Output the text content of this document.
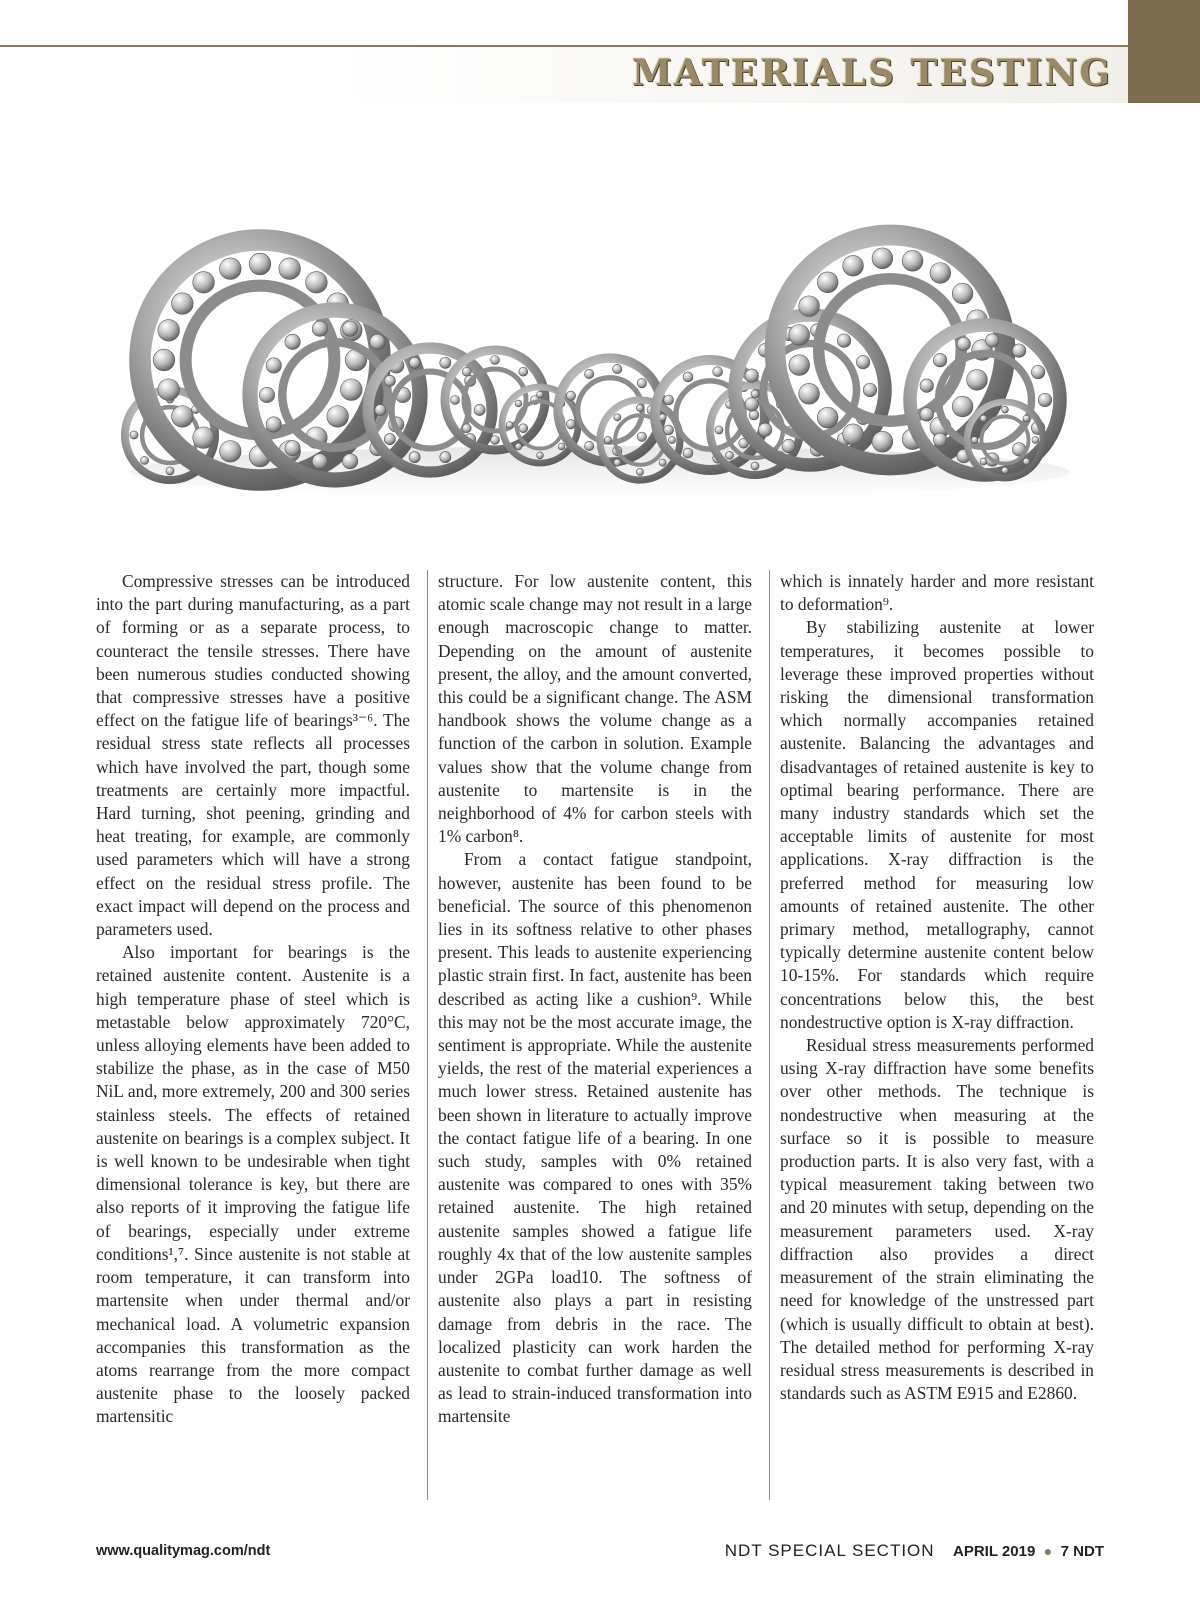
MATERIALS TESTING

Compressive stresses can be introduced into the part during manufacturing, as a part of forming or as a separate process, to counteract the tensile stresses. There have been numerous studies conducted showing that compressive stresses have a positive effect on the fatigue life of bearings³⁻⁶. The residual stress state reflects all processes which have involved the part, though some treatments are certainly more impactful. Hard turning, shot peening, grinding and heat treating, for example, are commonly used parameters which will have a strong effect on the residual stress profile. The exact impact will depend on the process and parameters used.

Also important for bearings is the retained austenite content. Austenite is a high temperature phase of steel which is metastable below approximately 720°C, unless alloying elements have been added to stabilize the phase, as in the case of M50 NiL and, more extremely, 200 and 300 series stainless steels. The effects of retained austenite on bearings is a complex subject. It is well known to be undesirable when tight dimensional tolerance is key, but there are also reports of it improving the fatigue life of bearings, especially under extreme conditions¹,⁷. Since austenite is not stable at room temperature, it can transform into martensite when under thermal and/or mechanical load. A volumetric expansion accompanies this transformation as the atoms rearrange from the more compact austenite phase to the loosely packed martensitic

structure. For low austenite content, this atomic scale change may not result in a large enough macroscopic change to matter. Depending on the amount of austenite present, the alloy, and the amount converted, this could be a significant change. The ASM handbook shows the volume change as a function of the carbon in solution. Example values show that the volume change from austenite to martensite is in the neighborhood of 4% for carbon steels with 1% carbon⁸.

From a contact fatigue standpoint, however, austenite has been found to be beneficial. The source of this phenomenon lies in its softness relative to other phases present. This leads to austenite experiencing plastic strain first. In fact, austenite has been described as acting like a cushion⁹. While this may not be the most accurate image, the sentiment is appropriate. While the austenite yields, the rest of the material experiences a much lower stress. Retained austenite has been shown in literature to actually improve the contact fatigue life of a bearing. In one such study, samples with 0% retained austenite was compared to ones with 35% retained austenite. The high retained austenite samples showed a fatigue life roughly 4x that of the low austenite samples under 2GPa load10. The softness of austenite also plays a part in resisting damage from debris in the race. The localized plasticity can work harden the austenite to combat further damage as well as lead to strain-induced transformation into martensite

which is innately harder and more resistant to deformation⁹.

By stabilizing austenite at lower temperatures, it becomes possible to leverage these improved properties without risking the dimensional transformation which normally accompanies retained austenite. Balancing the advantages and disadvantages of retained austenite is key to optimal bearing performance. There are many industry standards which set the acceptable limits of austenite for most applications. X-ray diffraction is the preferred method for measuring low amounts of retained austenite. The other primary method, metallography, cannot typically determine austenite content below 10-15%. For standards which require concentrations below this, the best nondestructive option is X-ray diffraction.

Residual stress measurements performed using X-ray diffraction have some benefits over other methods. The technique is nondestructive when measuring at the surface so it is possible to measure production parts. It is also very fast, with a typical measurement taking between two and 20 minutes with setup, depending on the measurement parameters used. X-ray diffraction also provides a direct measurement of the strain eliminating the need for knowledge of the unstressed part (which is usually difficult to obtain at best). The detailed method for performing X-ray residual stress measurements is described in standards such as ASTM E915 and E2860.

www.qualitymag.com/ndt	NDT SPECIAL SECTION APRIL 2019 ● 7 NDT
